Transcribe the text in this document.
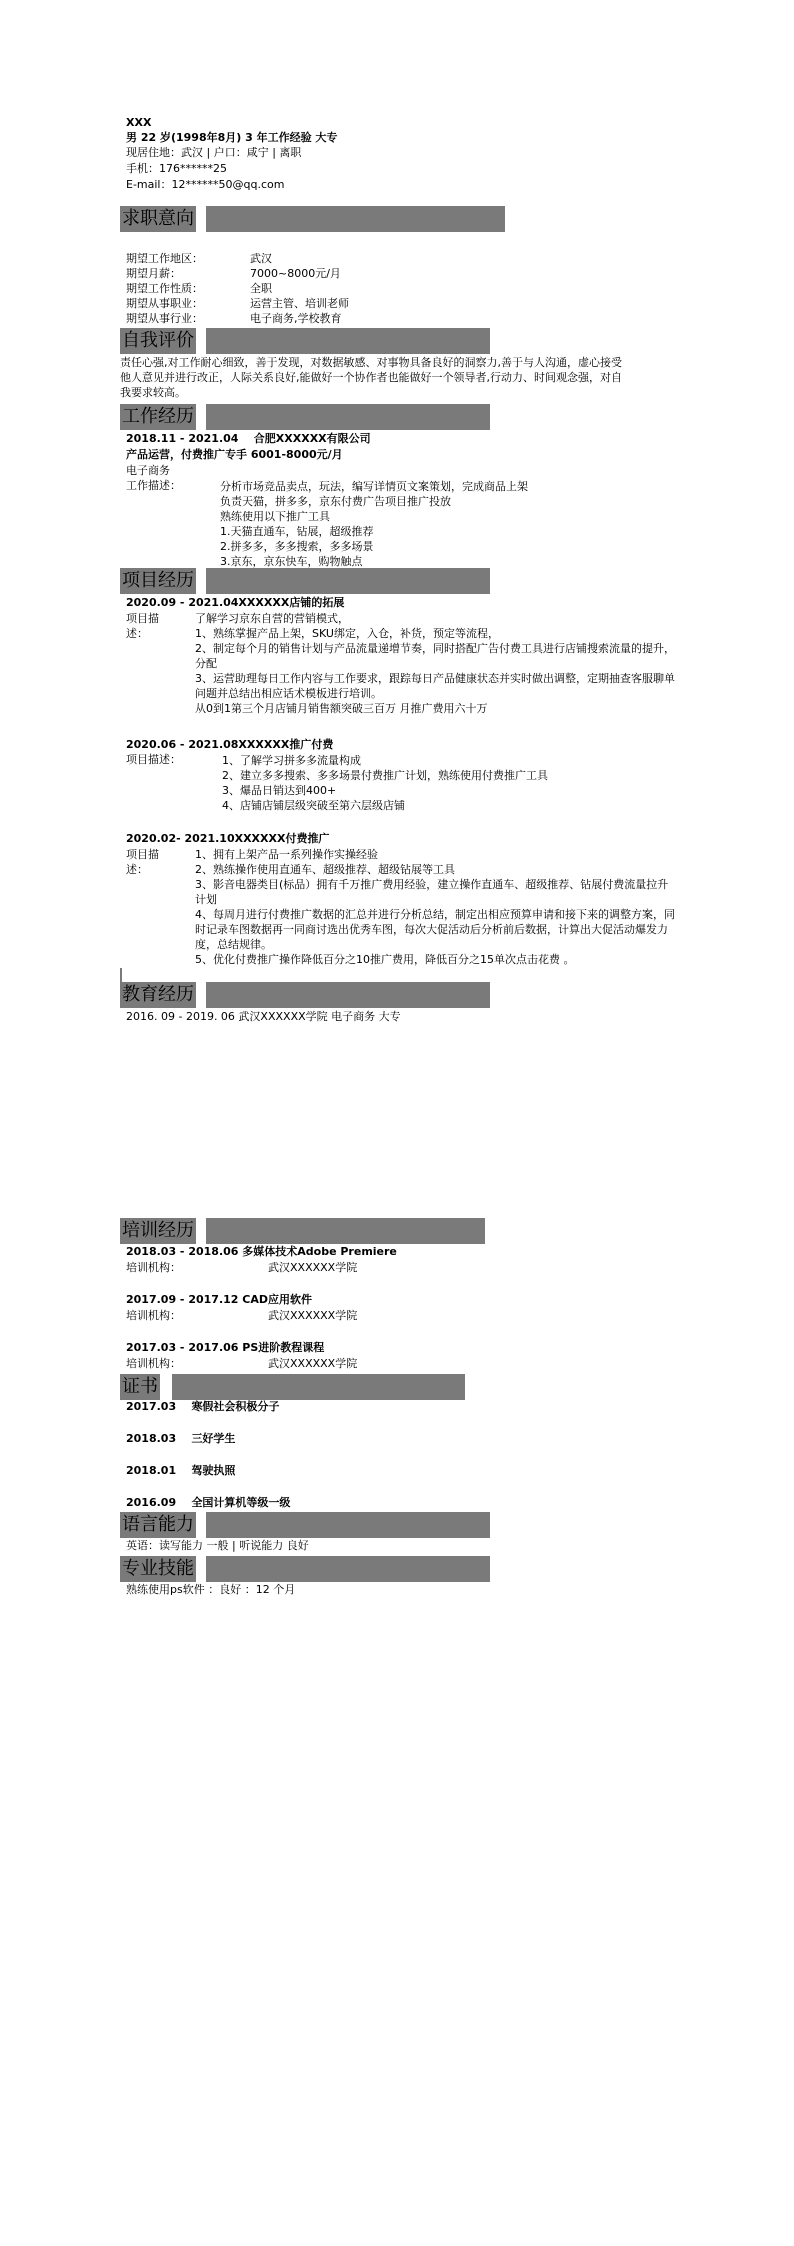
XXX
男 22 岁(1998年8月) 3 年工作经验 大专
现居住地：武汉 | 户口：咸宁 | 离职
手机：176******25
E-mail：12******50@qq.com
求职意向
期望工作地区：	武汉
期望月薪：	7000~8000元/月
期望工作性质：	全职
期望从事职业：	运营主管、培训老师
期望从事行业：	电子商务,学校教育
自我评价
责任心强,对工作耐心细致，善于发现，对数据敏感、对事物具备良好的洞察力,善于与人沟通，虚心接受他人意见并进行改正，人际关系良好,能做好一个协作者也能做好一个领导者,行动力、时间观念强，对自我要求较高。
工作经历
2018.11 - 2021.04 合肥XXXXXX有限公司
产品运营，付费推广专手 6001-8000元/月
电子商务
工作描述：	分析市场竞品卖点，玩法，编写详情页文案策划，完成商品上架
负责天猫，拼多多，京东付费广告项目推广投放
熟练使用以下推广工具
1.天猫直通车，钻展，超级推荐
2.拼多多，多多搜索，多多场景
3.京东，京东快车，购物触点
项目经历
2020.09 - 2021.04XXXXXX店铺的拓展
项目描述：
了解学习京东自营的营销模式，
1、熟练掌握产品上架，SKU绑定，入仓，补货，预定等流程，
2、制定每个月的销售计划与产品流量递增节奏，同时搭配广告付费工具进行店铺搜索流量的提升，分配
3、运营助理每日工作内容与工作要求，跟踪每日产品健康状态并实时做出调整，定期抽查客服聊单问题并总结出相应话术模板进行培训。
从0到1第三个月店铺月销售额突破三百万 月推广费用六十万
2020.06 - 2021.08XXXXXX推广付费
项目描述：	1、了解学习拼多多流量构成
2、建立多多搜索、多多场景付费推广计划，熟练使用付费推广工具
3、爆品日销达到400+
4、店铺店铺层级突破至第六层级店铺
2020.02- 2021.10XXXXXX付费推广
项目描述：
1、拥有上架产品一系列操作实操经验
2、熟练操作使用直通车、超级推荐、超级钻展等工具
3、影音电器类目(标品）拥有千万推广费用经验，建立操作直通车、超级推荐、钻展付费流量拉升计划
4、每周月进行付费推广数据的汇总并进行分析总结，制定出相应预算申请和接下来的调整方案，同时记录车图数据再一同商讨选出优秀车图，每次大促活动后分析前后数据，计算出大促活动爆发力度，总结规律。
5、优化付费推广操作降低百分之10推广费用，降低百分之15单次点击花费 。
教育经历
2016. 09 - 2019. 06 武汉XXXXXX学院 电子商务 大专
培训经历
2018.03 - 2018.06 多媒体技术Adobe Premiere
培训机构：	武汉XXXXXX学院
2017.09 - 2017.12 CAD应用软件
培训机构：	武汉XXXXXX学院
2017.03 - 2017.06 PS进阶教程课程
培训机构：	武汉XXXXXX学院
证书
2017.03 寒假社会积极分子
2018.03 三好学生
2018.01 驾驶执照
2016.09 全国计算机等级一级
语言能力
英语：读写能力 一般 | 听说能力 良好
专业技能
熟练使用ps软件 ：良好 ：12 个月
